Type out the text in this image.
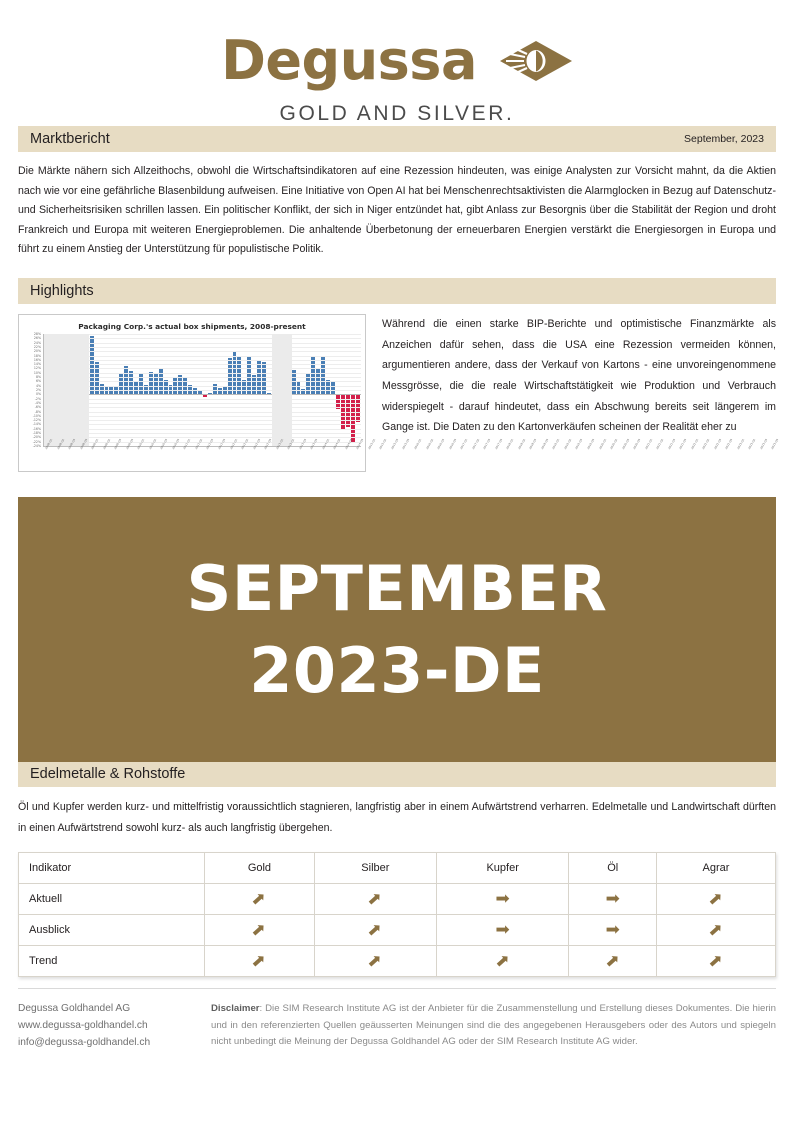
Degussa
GOLD AND SILVER.
Marktbericht	September, 2023
Die Märkte nähern sich Allzeithochs, obwohl die Wirtschaftsindikatoren auf eine Rezession hindeuten, was einige Analysten zur Vorsicht mahnt, da die Aktien nach wie vor eine gefährliche Blasenbildung aufweisen. Eine Initiative von Open AI hat bei Menschenrechtsaktivisten die Alarmglocken in Bezug auf Datenschutz- und Sicherheitsrisiken schrillen lassen. Ein politischer Konflikt, der sich in Niger entzündet hat, gibt Anlass zur Besorgnis über die Stabilität der Region und droht Frankreich und Europa mit weiteren Energieproblemen. Die anhaltende Überbetonung der erneuerbaren Energien verstärkt die Energiesorgen in Europa und führt zu einem Anstieg der Unterstützung für populistische Politik.
Highlights
Packaging Corp.'s actual box shipments, 2008-present
28%
26%
24%
22%
20%
18%
16%
14%
12%
10%
8%
6%
4%
2%
0%
-2%
-4%
-6%
-8%
-10%
-12%
-14%
-16%
-18%
-20%
-22%
-24% 2008 Q1 2008 Q2 2008 Q3 2008 Q4 2009 Q1 2009 Q2 2009 Q3 2009 Q4 2010 Q1 2010 Q2 2010 Q3 2010 Q4 2011 Q1 2011 Q2 2011 Q3 2011 Q4 2012 Q1 2012 Q2 2012 Q3 2012 Q4 2013 Q1 2013 Q2 2013 Q3 2013 Q4 2014 Q1 2014 Q2 2014 Q3 2014 Q4 2015 Q1 2015 Q2 2015 Q3 2015 Q4 2016 Q1 2016 Q2 2016 Q3 2016 Q4 2017 Q1 2017 Q2 2017 Q3 2017 Q4 2018 Q1 2018 Q2 2018 Q3 2018 Q4 2019 Q1 2019 Q2 2019 Q3 2019 Q4 2020 Q1 2020 Q2 2020 Q3 2020 Q4 2021 Q1 2021 Q2 2021 Q3 2021 Q4 2022 Q1 2022 Q2 2022 Q3 2022 Q4 2023 Q1 2023 Q2 2023 Q3 2023 Q4
Während die einen starke BIP-Berichte und optimistische Finanzmärkte als Anzeichen dafür sehen, dass die USA eine Rezession vermeiden können, argumentieren andere, dass der Verkauf von Kartons - eine unvoreingenommene Messgrösse, die die reale Wirtschaftstätigkeit wie Produktion und Verbrauch widerspiegelt - darauf hindeutet, dass ein Abschwung bereits seit längerem im Gange ist. Die Daten zu den Kartonverkäufen scheinen der Realität eher zu
SEPTEMBER
2023-DE
Edelmetalle & Rohstoffe
Öl und Kupfer werden kurz- und mittelfristig voraussichtlich stagnieren, langfristig aber in einem Aufwärtstrend verharren. Edelmetalle und Landwirtschaft dürften in einen Aufwärtstrend sowohl kurz- als auch langfristig übergehen.
Indikator	Gold	Silber	Kupfer	Öl	Agrar
Aktuell	➡	➡	➡	➡	➡
Ausblick	➡	➡	➡	➡	➡
Trend	➡	➡	➡	➡	➡
Degussa Goldhandel AG
www.degussa-goldhandel.ch
info@degussa-goldhandel.ch
Disclaimer: Die SIM Research Institute AG ist der Anbieter für die Zusammenstellung und Erstellung dieses Dokumentes. Die hierin und in den referenzierten Quellen geäusserten Meinungen sind die des angegebenen Herausgebers oder des Autors und spiegeln nicht unbedingt die Meinung der Degussa Goldhandel AG oder der SIM Research Institute AG wider.
